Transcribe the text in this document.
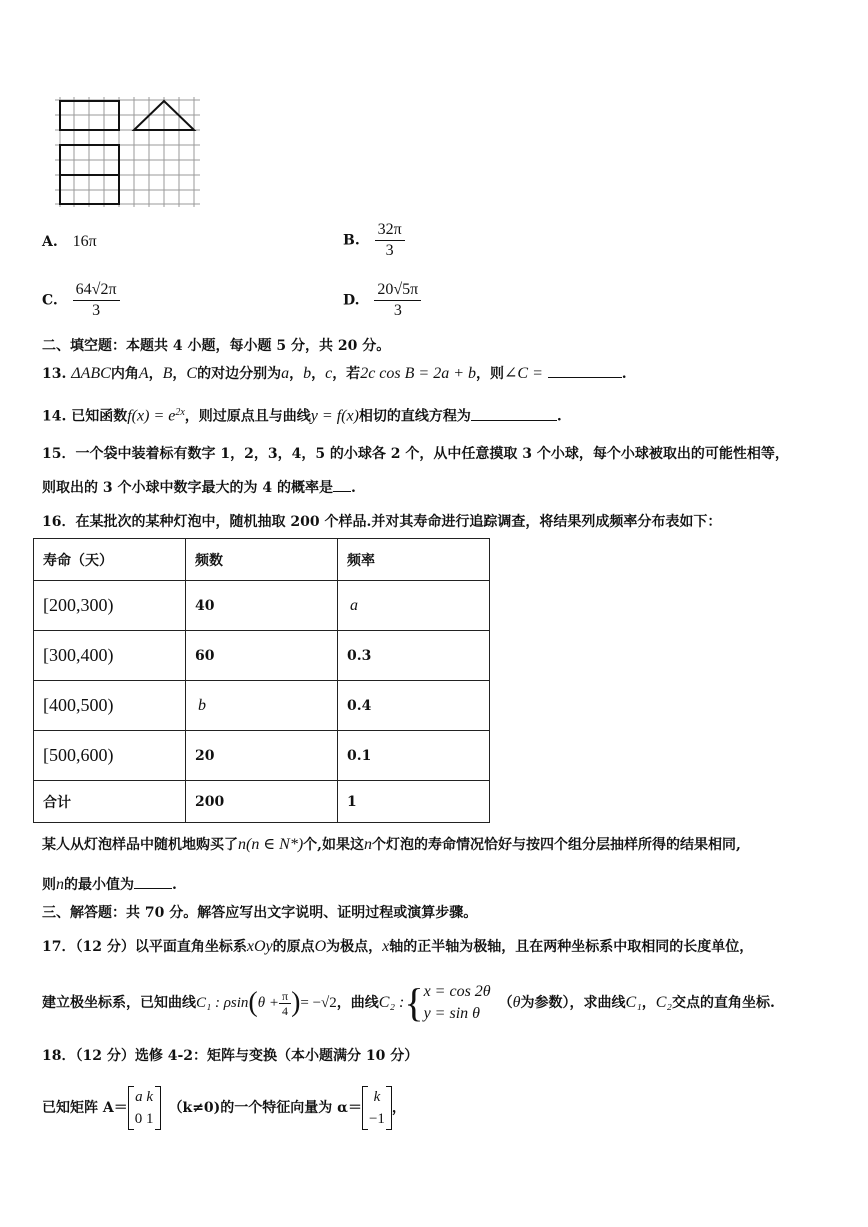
A. 16π	B. $\frac{32\pi}{3}$
C. $\frac{64√2\pi}{3}$	D. $\frac{20√5\pi}{3}$
二、填空题：本题共 4 小题，每小题 5 分，共 20 分。
13. ΔABC内角A，B，C的对边分别为a，b，c，若2c cos B = 2a + b，则∠C =	.
14. 已知函数$f(x) = e^{2x}$，则过原点且与曲线y = f(x)相切的直线方程为	.
15．一个袋中装着标有数字 1，2，3，4，5 的小球各 2 个，从中任意摸取 3 个小球，每个小球被取出的可能性相等，
则取出的 3 个小球中数字最大的为 4 的概率是 .
16．在某批次的某种灯泡中，随机抽取 200 个样品.并对其寿命进行追踪调查，将结果列成频率分布表如下：
寿命（天）	频数	频率
[200,300)	40	a
[300,400)	60	0.3
[400,500)	b	0.4
[500,600)	20	0.1
合计	200	1
某人从灯泡样品中随机地购买了n(n ∈ N*)个,如果这n个灯泡的寿命情况恰好与按四个组分层抽样所得的结果相同,
则n的最小值为	.
三、解答题：共 70 分。解答应写出文字说明、证明过程或演算步骤。
17．（12 分）以平面直角坐标系xOy的原点O为极点，x轴的正半轴为极轴，且在两种坐标系中取相同的长度单位，
建立极坐标系，已知曲线C₁ : $\rho\sin(\theta + \frac{\pi}{4}$ )= −√2，曲线C₂ :{ x = cos 2θ
y = sin θ
（θ为参数），求曲线C₁，C₂交点的直角坐标.
18．（12 分）选修 4-2：矩阵与变换（本小题满分 10 分）
已知矩阵 A＝
a k
0 1
（k≠0)的一个特征向量为 α＝
k
−1
，
